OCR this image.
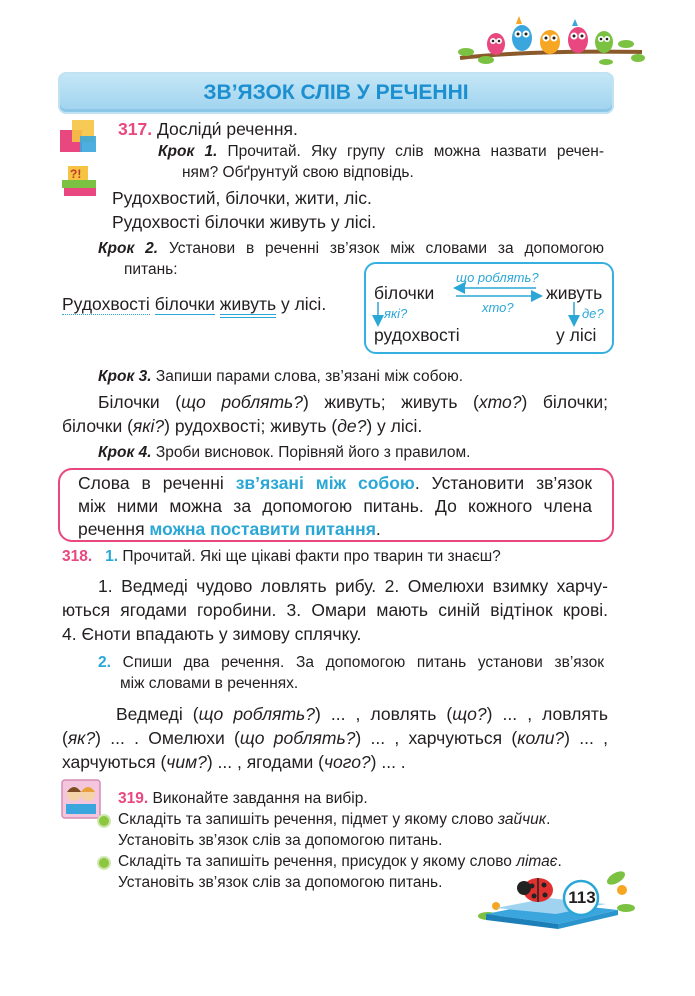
ЗВ’ЯЗОК СЛІВ У РЕЧЕННІ
?!
317. Досліди́ речення.
Крок 1. Прочитай. Яку групу слів можна назвати речен-
ням? Обґрунтуй свою відповідь.
Рудохвостий, білочки, жити, ліс.
Рудохвості білочки живуть у лісі.
Крок 2. Установи в реченні зв’язок між словами за допомогою
питань:
Рудохвості білочки живуть у лісі.
білочки	живуть
рудохвості	у лісі
що роблять?
хто?
які?	де?
Крок 3. Запиши парами слова, зв’язані між собою.
Білочки (що роблять?) живуть; живуть (хто?) білочки;
білочки (які?) рудохвості; живуть (де?) у лісі.
Крок 4. Зроби висновок. Порівняй його з правилом.
Слова в реченні зв’язані між собою. Установити зв’язок
між ними можна за допомогою питань. До кожного члена
речення можна поставити питання.
318. 1. Прочитай. Які ще цікаві факти про тварин ти знаєш?
1. Ведмеді чудово ловлять рибу. 2. Омелюхи взимку харчу-
ються ягодами горобини. 3. Омари мають синій відтінок крові.
4. Єноти впадають у зимову сплячку.
2. Спиши два речення. За допомогою питань установи зв’язок
між словами в реченнях.
Ведмеді (що роблять?) ... , ловлять (що?) ... , ловлять
(як?) ... . Омелюхи (що роблять?) ... , харчуються (коли?) ... ,
харчуються (чим?) ... , ягодами (чого?) ... .
319. Виконайте завдання на вибір.
Складіть та запишіть речення, підмет у якому слово зайчик.
Установіть зв’язок слів за допомогою питань.
Складіть та запишіть речення, присудок у якому слово літає.
Установіть зв’язок слів за допомогою питань.
113
